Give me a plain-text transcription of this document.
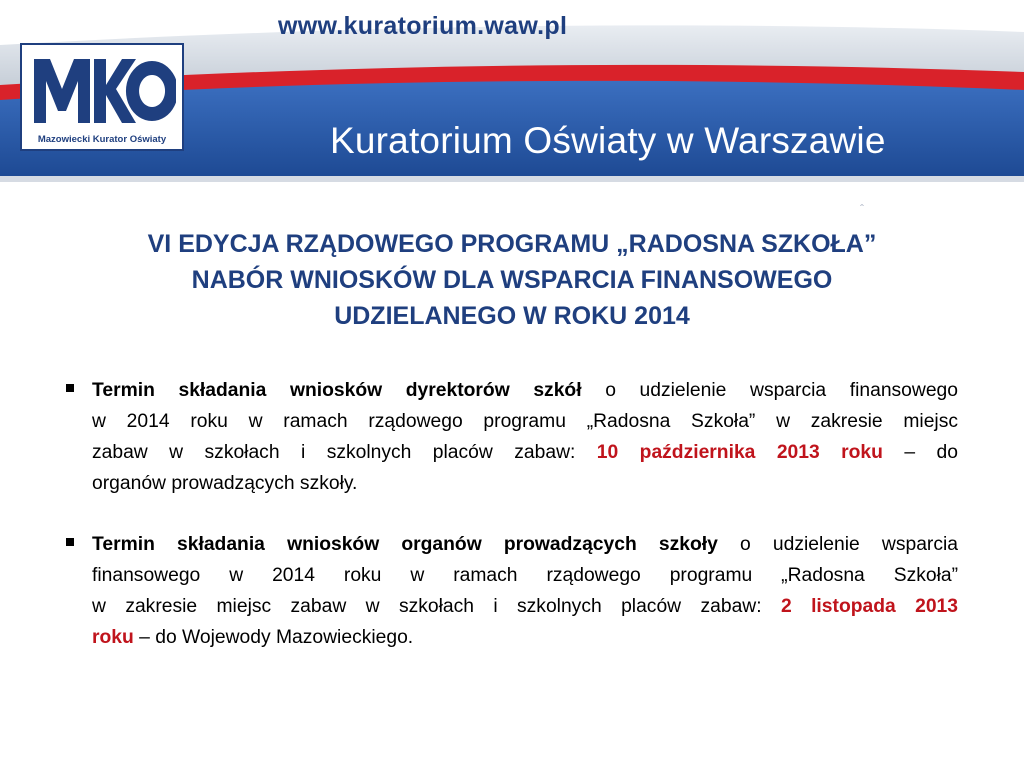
www.kuratorium.waw.pl
Kuratorium Oświaty w Warszawie
Mazowiecki Kurator Oświaty
ˆ
VI EDYCJA RZĄDOWEGO PROGRAMU „RADOSNA SZKOŁA”
NABÓR WNIOSKÓW DLA WSPARCIA FINANSOWEGO
UDZIELANEGO W ROKU 2014
Termin składania wniosków dyrektorów szkół o udzielenie wsparcia finansowego
w 2014 roku w ramach rządowego programu „Radosna Szkoła” w zakresie miejsc
zabaw w szkołach i szkolnych placów zabaw: 10 października 2013 roku – do
organów prowadzących szkoły.
Termin składania wniosków organów prowadzących szkoły o udzielenie wsparcia
finansowego w 2014 roku w ramach rządowego programu „Radosna Szkoła”
w zakresie miejsc zabaw w szkołach i szkolnych placów zabaw: 2 listopada 2013
roku – do Wojewody Mazowieckiego.
